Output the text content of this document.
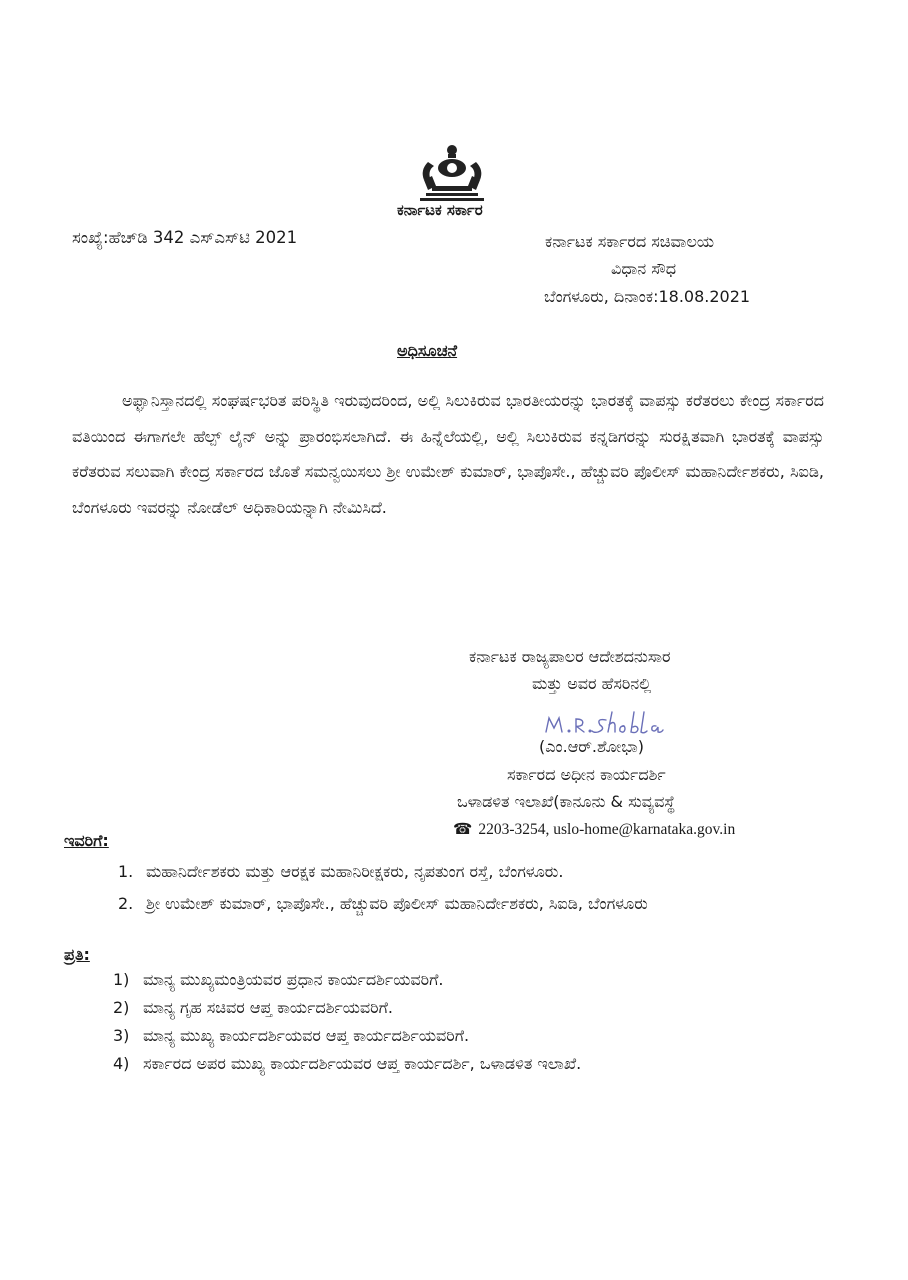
ಕರ್ನಾಟಕ ಸರ್ಕಾರ
ಸಂಖ್ಯೆ:ಹೆಚ್‌ಡಿ 342 ಎಸ್‌ಎಸ್‌ಟಿ 2021	ಕರ್ನಾಟಕ ಸರ್ಕಾರದ ಸಚಿವಾಲಯ
ವಿಧಾನ ಸೌಧ
ಬೆಂಗಳೂರು, ದಿನಾಂಕ:18.08.2021
ಅಧಿಸೂಚನೆ
ಅಫ್ಘಾನಿಸ್ತಾನದಲ್ಲಿ ಸಂಘರ್ಷಭರಿತ ಪರಿಸ್ಥಿತಿ ಇರುವುದರಿಂದ, ಅಲ್ಲಿ ಸಿಲುಕಿರುವ ಭಾರತೀಯರನ್ನು ಭಾರತಕ್ಕೆ ವಾಪಸ್ಸು ಕರೆತರಲು ಕೇಂದ್ರ ಸರ್ಕಾರದ ವತಿಯಿಂದ ಈಗಾಗಲೇ ಹೆಲ್ಪ್ ಲೈನ್ ಅನ್ನು ಪ್ರಾರಂಭಿಸಲಾಗಿದೆ. ಈ ಹಿನ್ನೆಲೆಯಲ್ಲಿ, ಅಲ್ಲಿ ಸಿಲುಕಿರುವ ಕನ್ನಡಿಗರನ್ನು ಸುರಕ್ಷಿತವಾಗಿ ಭಾರತಕ್ಕೆ ವಾಪಸ್ಸು ಕರೆತರುವ ಸಲುವಾಗಿ ಕೇಂದ್ರ ಸರ್ಕಾರದ ಜೊತೆ ಸಮನ್ವಯಿಸಲು ಶ್ರೀ ಉಮೇಶ್ ಕುಮಾರ್, ಭಾಪೊಸೇ., ಹೆಚ್ಚುವರಿ ಪೊಲೀಸ್ ಮಹಾನಿರ್ದೇಶಕರು, ಸಿಐಡಿ, ಬೆಂಗಳೂರು ಇವರನ್ನು ನೋಡೆಲ್ ಅಧಿಕಾರಿಯನ್ನಾಗಿ ನೇಮಿಸಿದೆ.
ಕರ್ನಾಟಕ ರಾಜ್ಯಪಾಲರ ಆದೇಶದನುಸಾರ
ಮತ್ತು ಅವರ ಹೆಸರಿನಲ್ಲಿ
(ಎಂ.ಆರ್.ಶೋಭಾ)
ಸರ್ಕಾರದ ಅಧೀನ ಕಾರ್ಯದರ್ಶಿ
ಒಳಾಡಳಿತ ಇಲಾಖೆ(ಕಾನೂನು & ಸುವ್ಯವಸ್ಥೆ
☎ 2203-3254, uslo-home@karnataka.gov.in
ಇವರಿಗೆ:
1. ಮಹಾನಿರ್ದೇಶಕರು ಮತ್ತು ಆರಕ್ಷಕ ಮಹಾನಿರೀಕ್ಷಕರು, ನೃಪತುಂಗ ರಸ್ತೆ, ಬೆಂಗಳೂರು.
2. ಶ್ರೀ ಉಮೇಶ್ ಕುಮಾರ್, ಭಾಪೊಸೇ., ಹೆಚ್ಚುವರಿ ಪೊಲೀಸ್ ಮಹಾನಿರ್ದೇಶಕರು, ಸಿಐಡಿ, ಬೆಂಗಳೂರು
ಪ್ರತಿ:
1) ಮಾನ್ಯ ಮುಖ್ಯಮಂತ್ರಿಯವರ ಪ್ರಧಾನ ಕಾರ್ಯದರ್ಶಿಯವರಿಗೆ.
2) ಮಾನ್ಯ ಗೃಹ ಸಚಿವರ ಆಪ್ತ ಕಾರ್ಯದರ್ಶಿಯವರಿಗೆ.
3) ಮಾನ್ಯ ಮುಖ್ಯ ಕಾರ್ಯದರ್ಶಿಯವರ ಆಪ್ತ ಕಾರ್ಯದರ್ಶಿಯವರಿಗೆ.
4) ಸರ್ಕಾರದ ಅಪರ ಮುಖ್ಯ ಕಾರ್ಯದರ್ಶಿಯವರ ಆಪ್ತ ಕಾರ್ಯದರ್ಶಿ, ಒಳಾಡಳಿತ ಇಲಾಖೆ.
